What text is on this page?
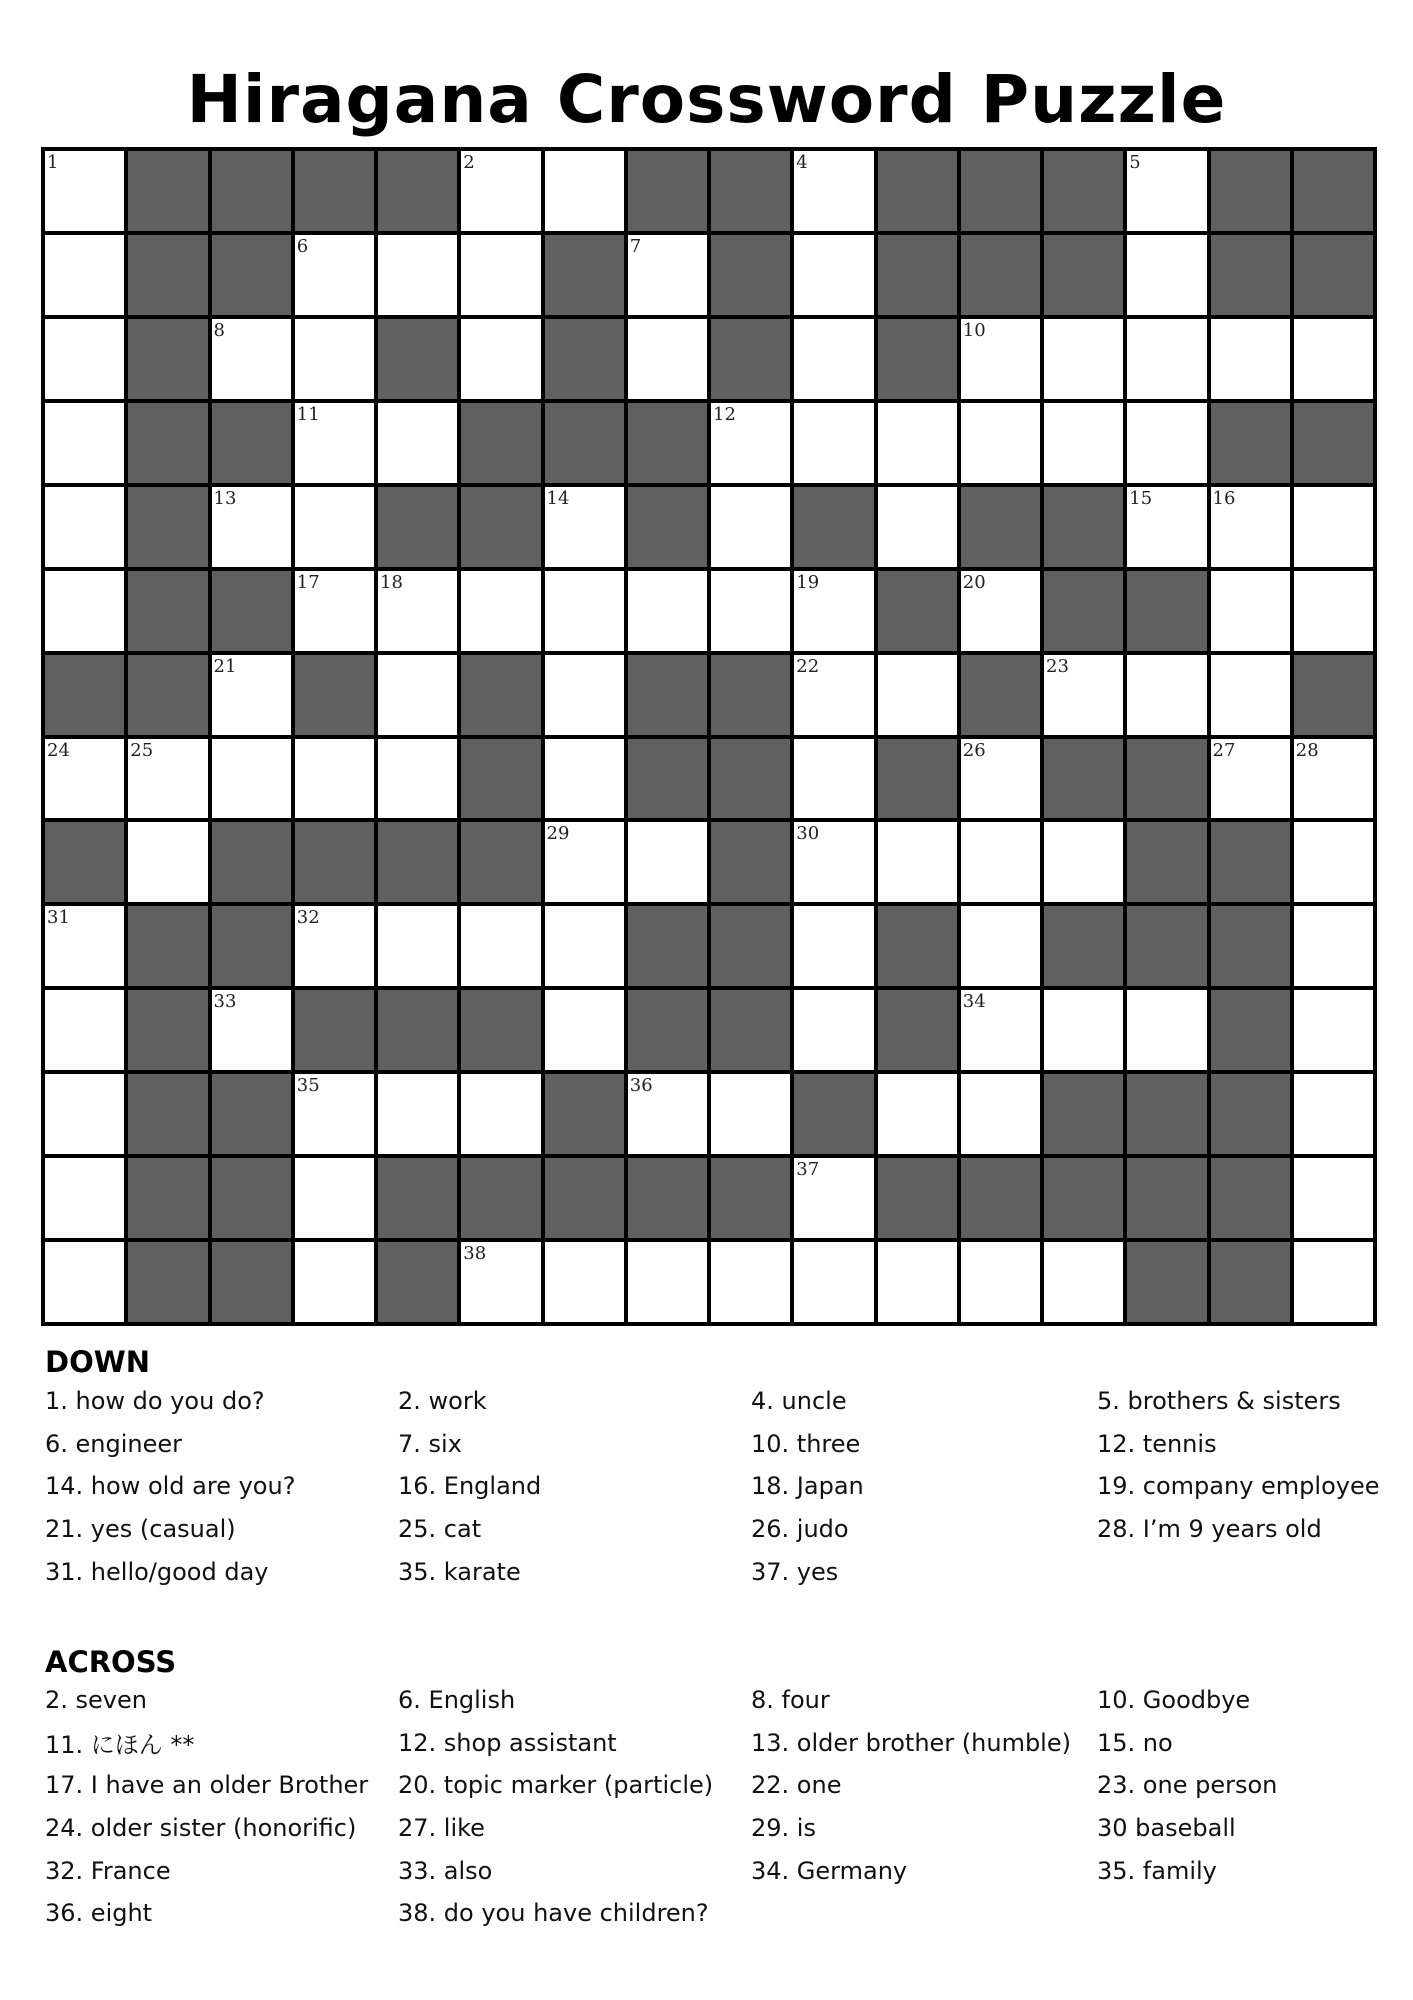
Hiragana Crossword Puzzle
1	2	4	5
6	7
8	10
11	12
13	14	15	16
17	18	19	20
21	22	23
24	25	26	27	28
29	30
31	32
33	34
35	36
37
38
DOWN
1. how do you do?	2. work	4. uncle	5. brothers & sisters
6. engineer	7. six	10. three	12. tennis
14. how old are you?	16. England	18. Japan	19. company employee
21. yes (casual)	25. cat	26. judo	28. I’m 9 years old
31. hello/good day	35. karate	37. yes
ACROSS
2. seven	6. English	8. four	10. Goodbye
11. にほん **	12. shop assistant	13. older brother (humble)	15. no
17. I have an older Brother	20. topic marker (particle)	22. one	23. one person
24. older sister (honorific)	27. like	29. is	30 baseball
32. France	33. also	34. Germany	35. family
36. eight	38. do you have children?
